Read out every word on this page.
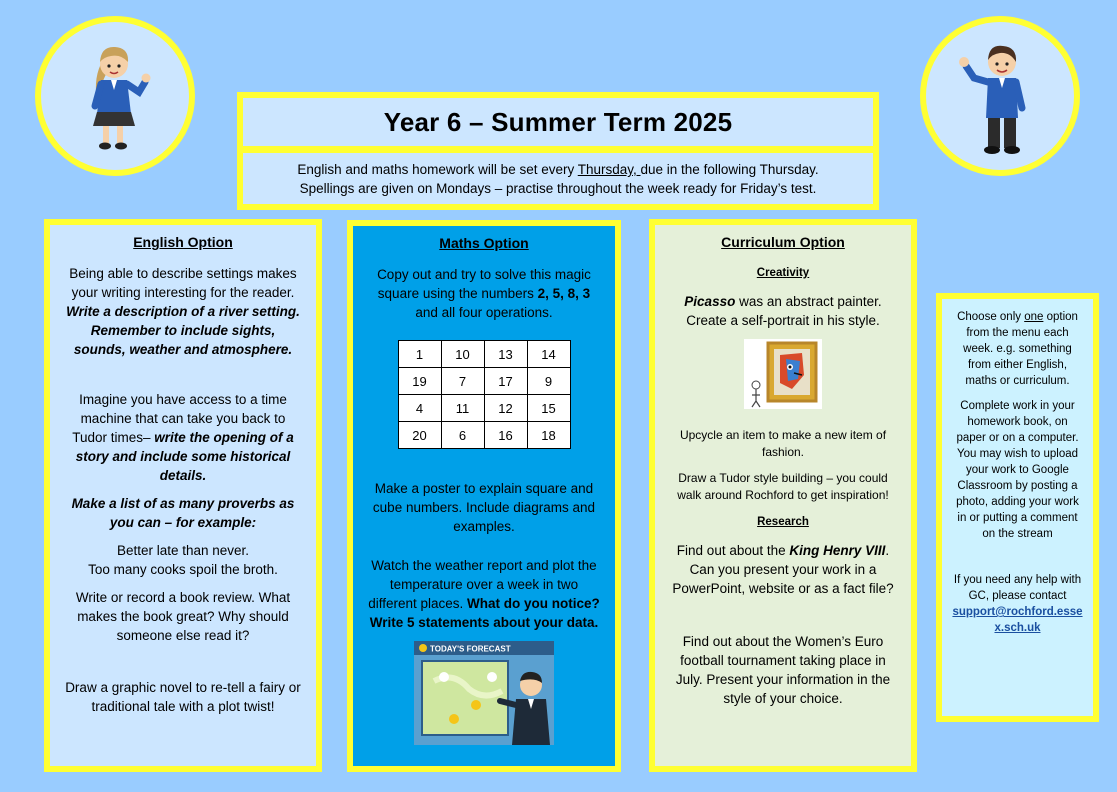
Year 6 – Summer Term 2025
English and maths homework will be set every Thursday, due in the following Thursday.
Spellings are given on Mondays – practise throughout the week ready for Friday’s test.
English Option

Being able to describe settings makes your writing interesting for the reader. Write a description of a river setting. Remember to include sights, sounds, weather and atmosphere.

Imagine you have access to a time machine that can take you back to Tudor times– write the opening of a story and include some historical details.

Make a list of as many proverbs as you can – for example:

Better late than never.
Too many cooks spoil the broth.

Write or record a book review. What makes the book great? Why should someone else read it?

Draw a graphic novel to re-tell a fairy or traditional tale with a plot twist!

Maths Option

Copy out and try to solve this magic square using the numbers 2, 5, 8, 3 and all four operations.

1	10	13	14
19	7	17	9
4	11	12	15
20	6	16	18

Make a poster to explain square and cube numbers. Include diagrams and examples.

Watch the weather report and plot the temperature over a week in two different places. What do you notice? Write 5 statements about your data.

TODAY'S FORECAST
Curriculum Option
Creativity

Picasso was an abstract painter. Create a self-portrait in his style.

Upcycle an item to make a new item of fashion.

Draw a Tudor style building – you could walk around Rochford to get inspiration!

Research

Find out about the King Henry VIII. Can you present your work in a PowerPoint, website or as a fact file?

Find out about the Women’s Euro football tournament taking place in July. Present your information in the style of your choice.

Choose only one option from the menu each week. e.g. something from either English, maths or curriculum.

Complete work in your homework book, on paper or on a computer. You may wish to upload your work to Google Classroom by posting a photo, adding your work in or putting a comment on the stream

If you need any help with GC, please contact

support@rochford.essex.sch.uk
